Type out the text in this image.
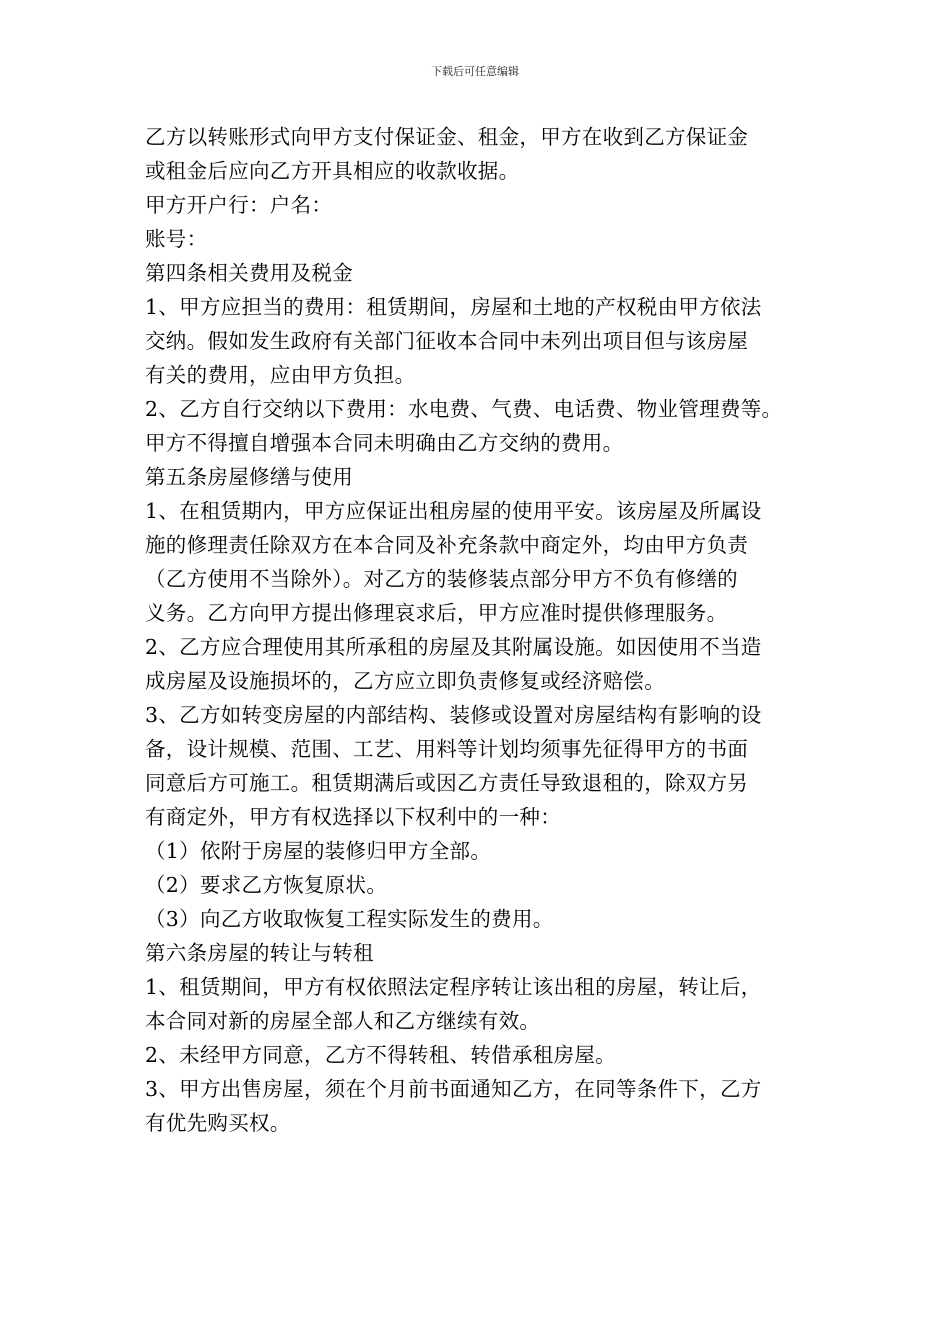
下载后可任意编辑
乙方以转账形式向甲方支付保证金、租金，甲方在收到乙方保证金
或租金后应向乙方开具相应的收款收据。
甲方开户行：户名：
账号：
第四条相关费用及税金
1、甲方应担当的费用：租赁期间，房屋和土地的产权税由甲方依法
交纳。假如发生政府有关部门征收本合同中未列出项目但与该房屋
有关的费用，应由甲方负担。
2、乙方自行交纳以下费用：水电费、气费、电话费、物业管理费等。
甲方不得擅自增强本合同未明确由乙方交纳的费用。
第五条房屋修缮与使用
1、在租赁期内，甲方应保证出租房屋的使用平安。该房屋及所属设
施的修理责任除双方在本合同及补充条款中商定外，均由甲方负责
（乙方使用不当除外）。对乙方的装修装点部分甲方不负有修缮的
义务。乙方向甲方提出修理哀求后，甲方应准时提供修理服务。
2、乙方应合理使用其所承租的房屋及其附属设施。如因使用不当造
成房屋及设施损坏的，乙方应立即负责修复或经济赔偿。
3、乙方如转变房屋的内部结构、装修或设置对房屋结构有影响的设
备，设计规模、范围、工艺、用料等计划均须事先征得甲方的书面
同意后方可施工。租赁期满后或因乙方责任导致退租的，除双方另
有商定外，甲方有权选择以下权利中的一种：
（1）依附于房屋的装修归甲方全部。
（2）要求乙方恢复原状。
（3）向乙方收取恢复工程实际发生的费用。
第六条房屋的转让与转租
1、租赁期间，甲方有权依照法定程序转让该出租的房屋，转让后，
本合同对新的房屋全部人和乙方继续有效。
2、未经甲方同意，乙方不得转租、转借承租房屋。
3、甲方出售房屋，须在个月前书面通知乙方，在同等条件下，乙方
有优先购买权。
